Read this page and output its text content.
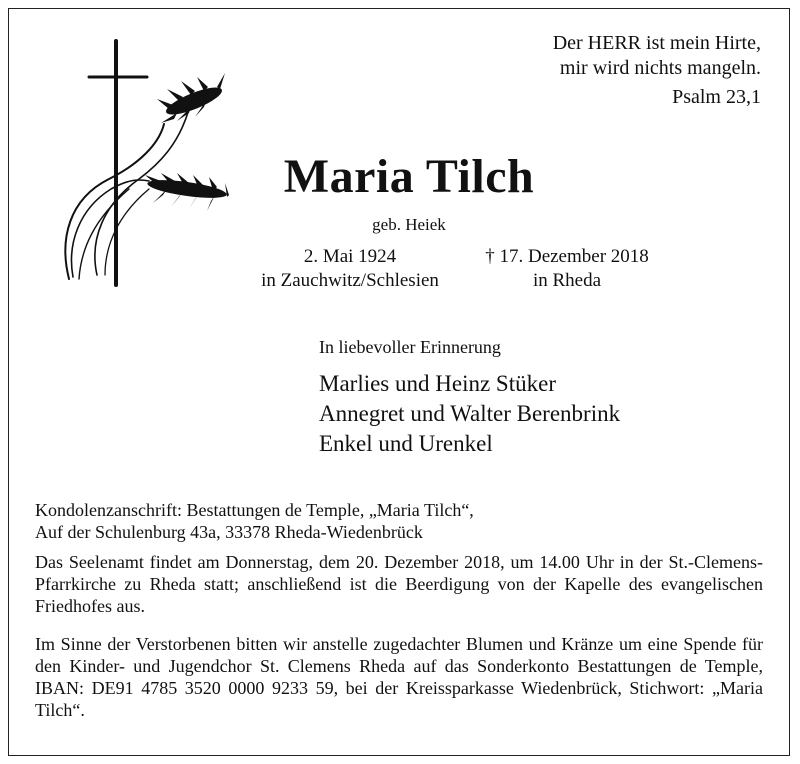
Der HERR ist mein Hirte,
mir wird nichts mangeln.
Psalm 23,1
Maria Tilch
geb. Heiek
2. Mai 1924
in Zauchwitz/Schlesien
† 17. Dezember 2018
in Rheda
In liebevoller Erinnerung
Marlies und Heinz Stüker
Annegret und Walter Berenbrink
Enkel und Urenkel
Kondolenzanschrift: Bestattungen de Temple, „Maria Tilch“,
Auf der Schulenburg 43a, 33378 Rheda-Wiedenbrück
Das Seelenamt findet am Donnerstag, dem 20. Dezember 2018, um 14.00 Uhr in der St.-Clemens- Pfarrkirche zu Rheda statt; anschließend ist die Beerdigung von der Kapelle des evangelischen Friedhofes aus.
Im Sinne der Verstorbenen bitten wir anstelle zugedachter Blumen und Kränze um eine Spende für den Kinder- und Jugendchor St. Clemens Rheda auf das Sonderkonto Bestattungen de Temple, IBAN: DE91 4785 3520 0000 9233 59, bei der Kreissparkasse Wiedenbrück, Stichwort: „Maria Tilch“.
